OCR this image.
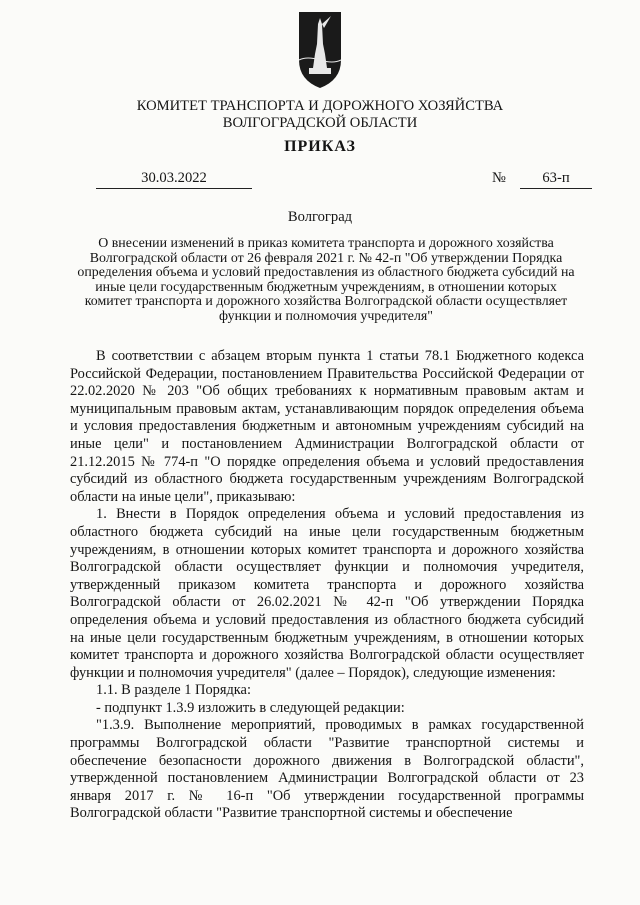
КОМИТЕТ ТРАНСПОРТА И ДОРОЖНОГО ХОЗЯЙСТВА
ВОЛГОГРАДСКОЙ ОБЛАСТИ
ПРИКАЗ
30.03.2022	№	63-п
Волгоград
О внесении изменений в приказ комитета транспорта и дорожного хозяйства Волгоградской области от 26 февраля 2021 г. № 42-п "Об утверждении Порядка определения объема и условий предоставления из областного бюджета субсидий на иные цели государственным бюджетным учреждениям, в отношении которых комитет транспорта и дорожного хозяйства Волгоградской области осуществляет функции и полномочия учредителя"

В соответствии с абзацем вторым пункта 1 статьи 78.1 Бюджетного кодекса Российской Федерации, постановлением Правительства Российской Федерации от 22.02.2020 № 203 "Об общих требованиях к нормативным правовым актам и муниципальным правовым актам, устанавливающим порядок определения объема и условия предоставления бюджетным и автономным учреждениям субсидий на иные цели" и постановлением Администрации Волгоградской области от 21.12.2015 № 774-п "О порядке определения объема и условий предоставления субсидий из областного бюджета государственным учреждениям Волгоградской области на иные цели", приказываю:

1. Внести в Порядок определения объема и условий предоставления из областного бюджета субсидий на иные цели государственным бюджетным учреждениям, в отношении которых комитет транспорта и дорожного хозяйства Волгоградской области осуществляет функции и полномочия учредителя, утвержденный приказом комитета транспорта и дорожного хозяйства Волгоградской области от 26.02.2021 № 42-п "Об утверждении Порядка определения объема и условий предоставления из областного бюджета субсидий на иные цели государственным бюджетным учреждениям, в отношении которых комитет транспорта и дорожного хозяйства Волгоградской области осуществляет функции и полномочия учредителя" (далее – Порядок), следующие изменения:

1.1. В разделе 1 Порядка:

- подпункт 1.3.9 изложить в следующей редакции:

"1.3.9. Выполнение мероприятий, проводимых в рамках государственной программы Волгоградской области "Развитие транспортной системы и обеспечение безопасности дорожного движения в Волгоградской области", утвержденной постановлением Администрации Волгоградской области от 23 января 2017 г. № 16-п "Об утверждении государственной программы Волгоградской области "Развитие транспортной системы и обеспечение
